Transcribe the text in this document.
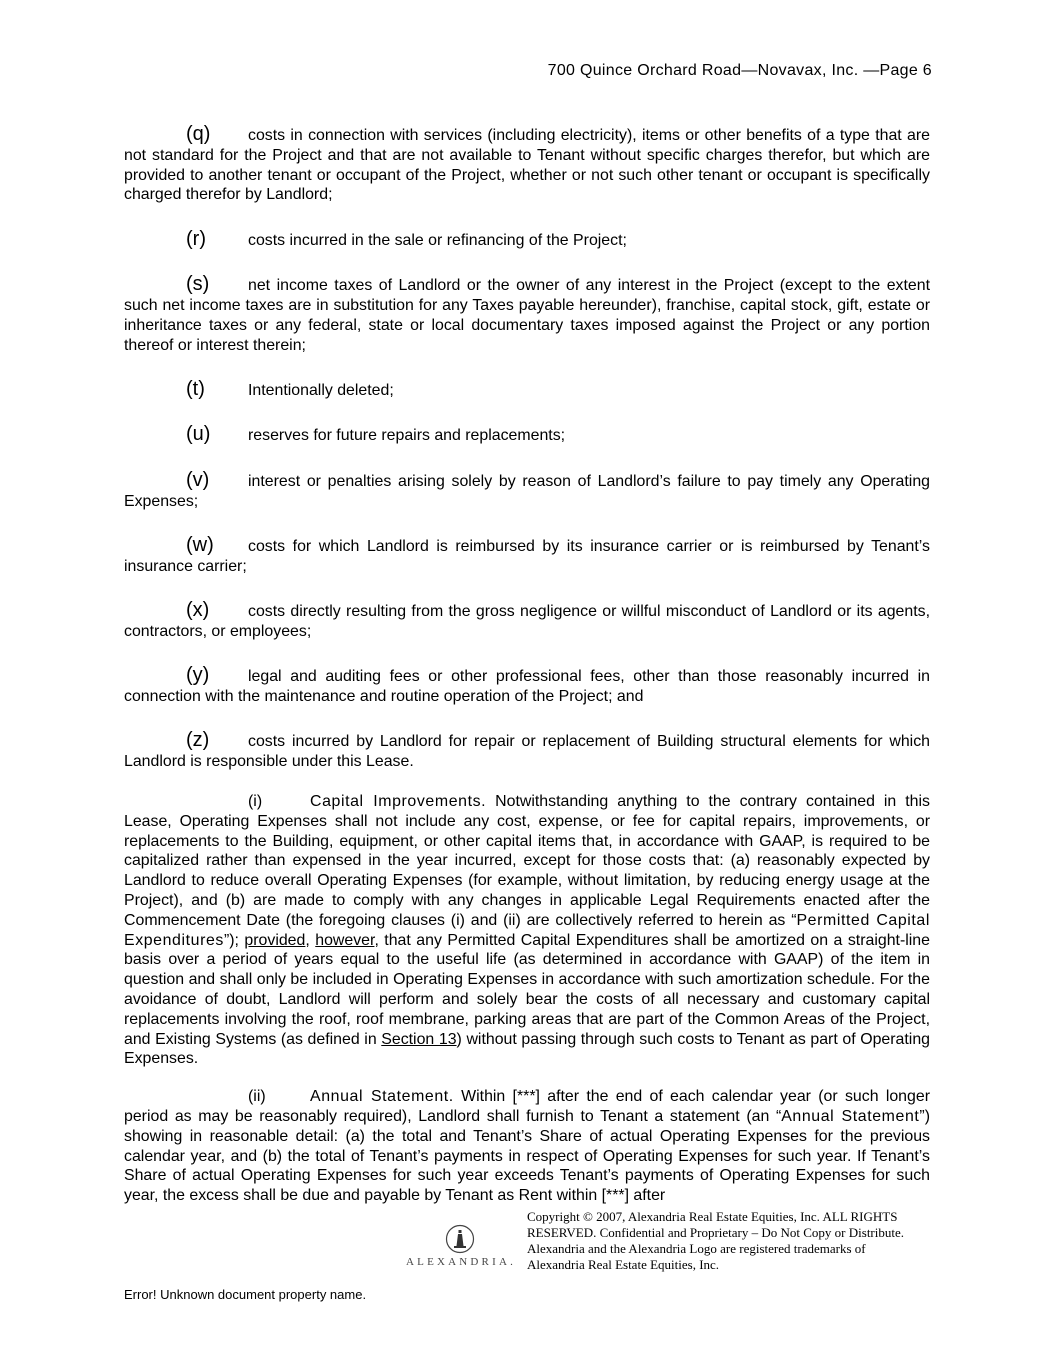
700 Quince Orchard Road—Novavax, Inc. —Page 6

(q) costs in connection with services (including electricity), items or other benefits of a type that are not standard for the Project and that are not available to Tenant without specific charges therefor, but which are provided to another tenant or occupant of the Project, whether or not such other tenant or occupant is specifically charged therefor by Landlord;

(r)	costs incurred in the sale or refinancing of the Project;

(s) net income taxes of Landlord or the owner of any interest in the Project (except to the extent such net income taxes are in substitution for any Taxes payable hereunder), franchise, capital stock, gift, estate or inheritance taxes or any federal, state or local documentary taxes imposed against the Project or any portion thereof or interest therein;

(t)	Intentionally deleted;

(u) reserves for future repairs and replacements;

(v) interest or penalties arising solely by reason of Landlord’s failure to pay timely any Operating Expenses;

(w) costs for which Landlord is reimbursed by its insurance carrier or is reimbursed by Tenant’s insurance carrier;

(x) costs directly resulting from the gross negligence or willful misconduct of Landlord or its agents, contractors, or employees;

(y) legal and auditing fees or other professional fees, other than those reasonably incurred in connection with the maintenance and routine operation of the Project; and

(z) costs incurred by Landlord for repair or replacement of Building structural elements for which Landlord is responsible under this Lease.

(i)	Capital Improvements. Notwithstanding anything to the contrary contained in this Lease, Operating Expenses shall not include any cost, expense, or fee for capital repairs, improvements, or replacements to the Building, equipment, or other capital items that, in accordance with GAAP, is required to be capitalized rather than expensed in the year incurred, except for those costs that: (a) reasonably expected by Landlord to reduce overall Operating Expenses (for example, without limitation, by reducing energy usage at the Project), and (b) are made to comply with any changes in applicable Legal Requirements enacted after the Commencement Date (the foregoing clauses (i) and (ii) are collectively referred to herein as “Permitted Capital Expenditures”); provided, however, that any Permitted Capital Expenditures shall be amortized on a straight-line basis over a period of years equal to the useful life (as determined in accordance with GAAP) of the item in question and shall only be included in Operating Expenses in accordance with such amortization schedule. For the avoidance of doubt, Landlord will perform and solely bear the costs of all necessary and customary capital replacements involving the roof, roof membrane, parking areas that are part of the Common Areas of the Project, and Existing Systems (as defined in Section 13) without passing through such costs to Tenant as part of Operating Expenses.

(ii)	Annual Statement. Within [***] after the end of each calendar year (or such longer period as may be reasonably required), Landlord shall furnish to Tenant a statement (an “Annual Statement”) showing in reasonable detail: (a) the total and Tenant’s Share of actual Operating Expenses for the previous calendar year, and (b) the total of Tenant’s payments in respect of Operating Expenses for such year. If Tenant’s Share of actual Operating Expenses for such year exceeds Tenant’s payments of Operating Expenses for such year, the excess shall be due and payable by Tenant as Rent within [***] after

ALEXANDRIA.
Copyright © 2007, Alexandria Real Estate Equities, Inc. ALL RIGHTS RESERVED. Confidential and Proprietary – Do Not Copy or Distribute. Alexandria and the Alexandria Logo are registered trademarks of Alexandria Real Estate Equities, Inc.
Error! Unknown document property name.
